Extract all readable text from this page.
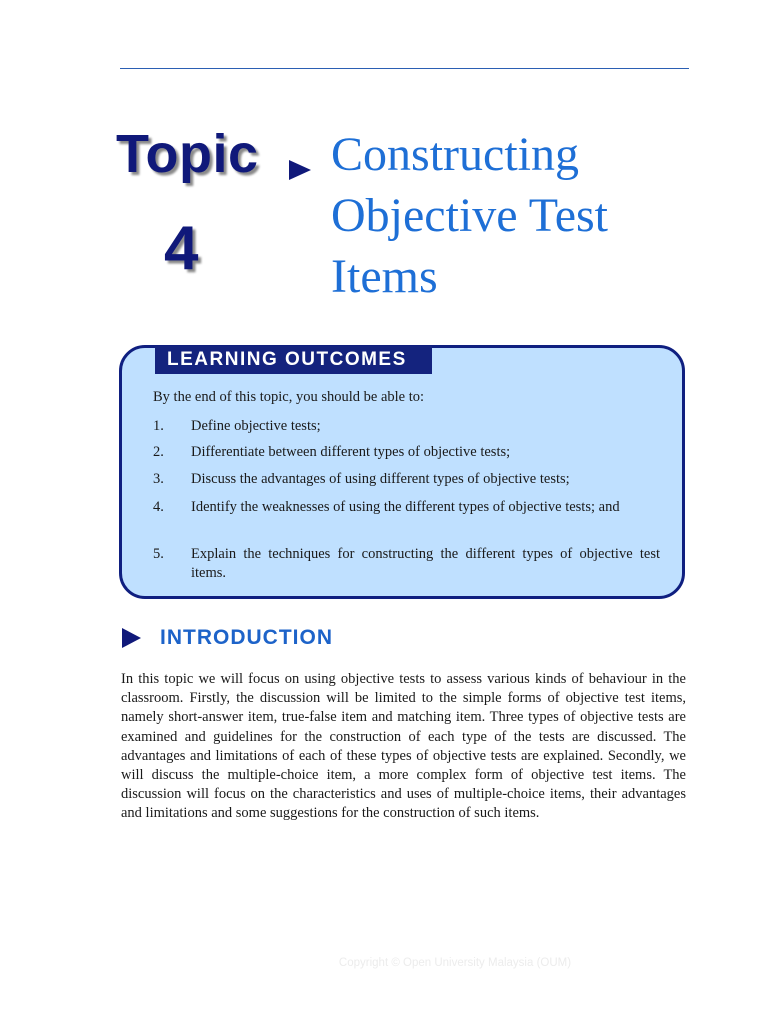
Topic
4
Constructing Objective Test Items
LEARNING OUTCOMES
By the end of this topic, you should be able to:
1. Define objective tests;
2. Differentiate between different types of objective tests;
3. Discuss the advantages of using different types of objective tests;
4. Identify the weaknesses of using the different types of objective tests; and
5. Explain the techniques for constructing the different types of objective test items.
INTRODUCTION
In this topic we will focus on using objective tests to assess various kinds of behaviour in the classroom. Firstly, the discussion will be limited to the simple forms of objective test items, namely short-answer item, true-false item and matching item. Three types of objective tests are examined and guidelines for the construction of each type of the tests are discussed. The advantages and limitations of each of these types of objective tests are explained. Secondly, we will discuss the multiple-choice item, a more complex form of objective test items. The discussion will focus on the characteristics and uses of multiple-choice items, their advantages and limitations and some suggestions for the construction of such items.
Copyright © Open University Malaysia (OUM)
